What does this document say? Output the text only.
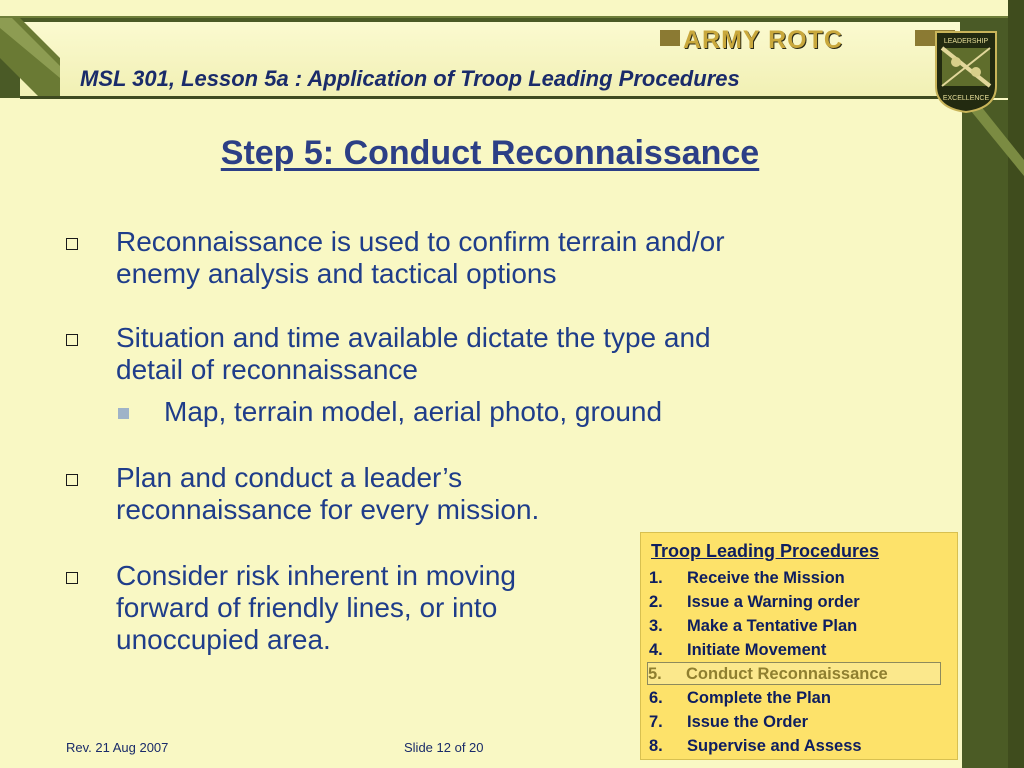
MSL 301, Lesson 5a : Application of Troop Leading Procedures
ARMY ROTC	LEADERSHIP
EXCELLENCE
Step 5: Conduct Reconnaissance
Reconnaissance is used to confirm terrain and/or
enemy analysis and tactical options
Situation and time available dictate the type and
detail of reconnaissance
Map, terrain model, aerial photo, ground
Plan and conduct a leader’s
reconnaissance for every mission.
Consider risk inherent in moving
forward of friendly lines, or into
unoccupied area.
Troop Leading Procedures
1. Receive the Mission
2. Issue a Warning order
3. Make a Tentative Plan
4. Initiate Movement
5. Conduct Reconnaissance
6. Complete the Plan
7. Issue the Order
8. Supervise and Assess
Rev. 21 Aug 2007	Slide 12 of 20
